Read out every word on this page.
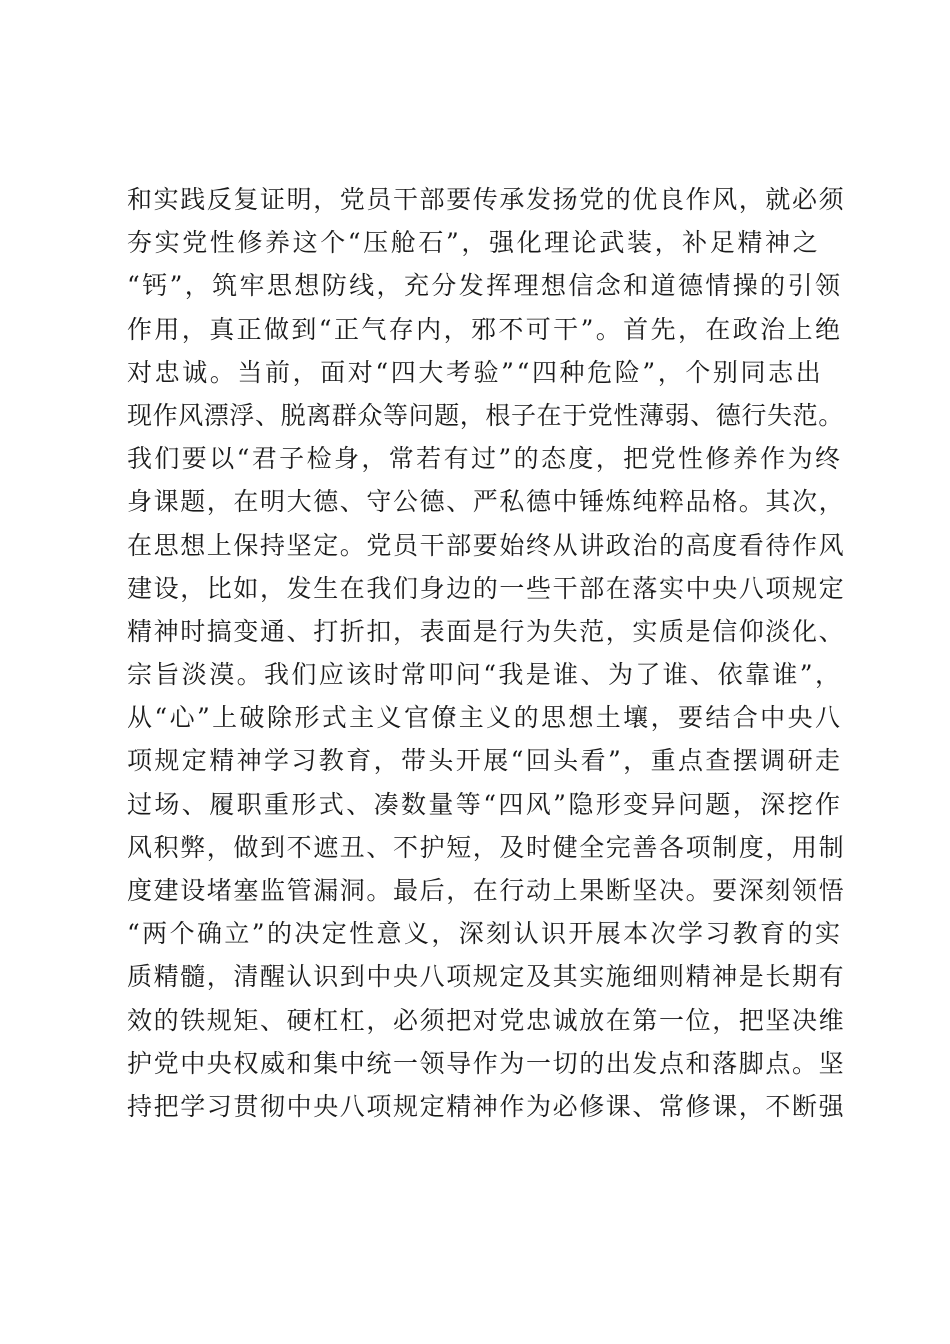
和实践反复证明，党员干部要传承发扬党的优良作风，就必须
夯实党性修养这个“压舱石”，强化理论武装，补足精神之
“钙”，筑牢思想防线，充分发挥理想信念和道德情操的引领
作用，真正做到“正气存内，邪不可干”。首先，在政治上绝
对忠诚。当前，面对“四大考验”“四种危险”，个别同志出
现作风漂浮、脱离群众等问题，根子在于党性薄弱、德行失范。
我们要以“君子检身，常若有过”的态度，把党性修养作为终
身课题，在明大德、守公德、严私德中锤炼纯粹品格。其次，
在思想上保持坚定。党员干部要始终从讲政治的高度看待作风
建设，比如，发生在我们身边的一些干部在落实中央八项规定
精神时搞变通、打折扣，表面是行为失范，实质是信仰淡化、
宗旨淡漠。我们应该时常叩问“我是谁、为了谁、依靠谁”，
从“心”上破除形式主义官僚主义的思想土壤，要结合中央八
项规定精神学习教育，带头开展“回头看”，重点查摆调研走
过场、履职重形式、凑数量等“四风”隐形变异问题，深挖作
风积弊，做到不遮丑、不护短，及时健全完善各项制度，用制
度建设堵塞监管漏洞。最后，在行动上果断坚决。要深刻领悟
“两个确立”的决定性意义，深刻认识开展本次学习教育的实
质精髓，清醒认识到中央八项规定及其实施细则精神是长期有
效的铁规矩、硬杠杠，必须把对党忠诚放在第一位，把坚决维
护党中央权威和集中统一领导作为一切的出发点和落脚点。坚
持把学习贯彻中央八项规定精神作为必修课、常修课，不断强
